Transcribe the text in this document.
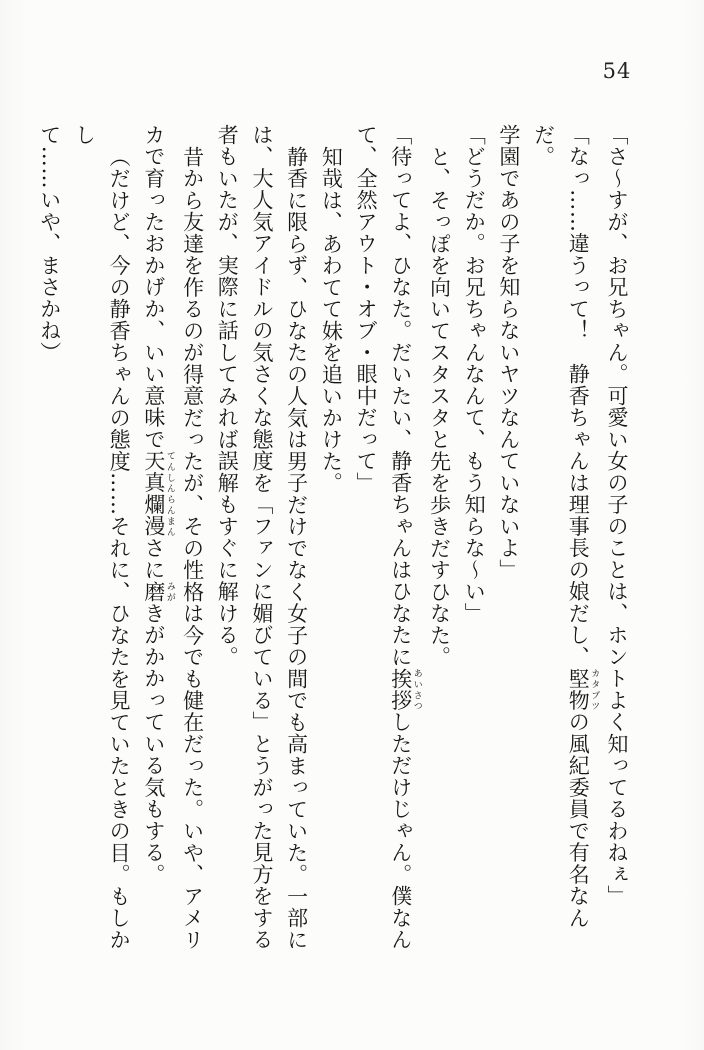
54

「さ～すが、お兄ちゃん。可愛い女の子のことは、ホントよく知ってるわねぇ」

「なっ……違うって！　静香ちゃんは理事長の娘だし、堅物 カタブツの風紀委員で有名なんだ。

学園であの子を知らないヤツなんていないよ」

「どうだか。お兄ちゃんなんて、もう知らな～い」

と、そっぽを向いてスタスタと先を歩きだすひなた。

「待ってよ、ひなた。だいたい、静香ちゃんはひなたに挨拶 あいさつしただけじゃん。僕なん

て、全然アウト・オブ・眼中だって」

知哉は、あわてて妹を追いかけた。

静香に限らず、ひなたの人気は男子だけでなく女子の間でも高まっていた。一部に

は、大人気アイドルの気さくな態度を「ファンに媚びている」とうがった見方をする

者もいたが、実際に話してみれば誤解もすぐに解ける。

昔から友達を作るのが得意だったが、その性格は今でも健在だった。いや、アメリ

カで育ったおかげか、いい意味で天真爛漫 てんしんらんまんさに磨 みがきがかかっている気もする。

（だけど、今の静香ちゃんの態度……それに、ひなたを見ていたときの目。もしかし

て……いや、まさかね）
